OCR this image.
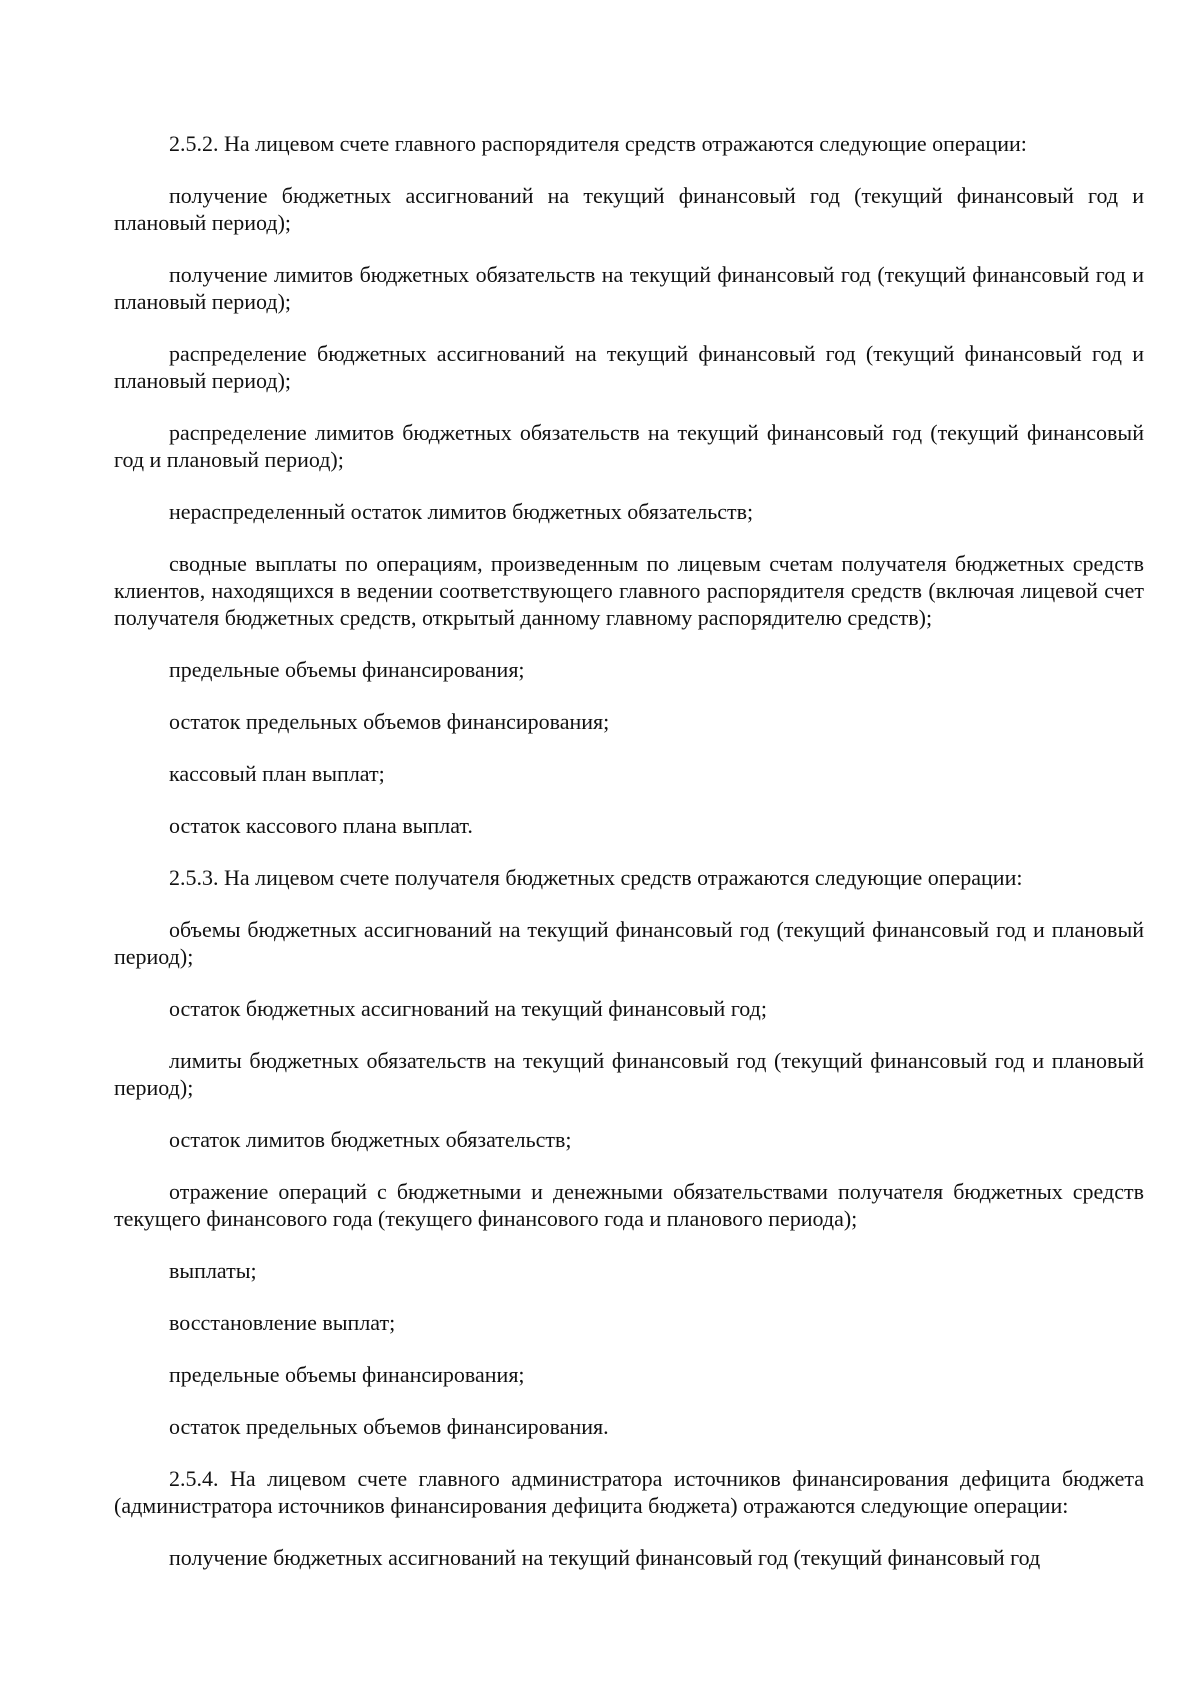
2.5.2. На лицевом счете главного распорядителя средств отражаются следующие операции:

получение бюджетных ассигнований на текущий финансовый год (текущий финансовый год и плановый период);

получение лимитов бюджетных обязательств на текущий финансовый год (текущий финансовый год и плановый период);

распределение бюджетных ассигнований на текущий финансовый год (текущий финансовый год и плановый период);

распределение лимитов бюджетных обязательств на текущий финансовый год (текущий финансовый год и плановый период);

нераспределенный остаток лимитов бюджетных обязательств;

сводные выплаты по операциям, произведенным по лицевым счетам получателя бюджетных средств клиентов, находящихся в ведении соответствующего главного распорядителя средств (включая лицевой счет получателя бюджетных средств, открытый данному главному распорядителю средств);

предельные объемы финансирования;

остаток предельных объемов финансирования;

кассовый план выплат;

остаток кассового плана выплат.

2.5.3. На лицевом счете получателя бюджетных средств отражаются следующие операции:

объемы бюджетных ассигнований на текущий финансовый год (текущий финансовый год и плановый период);

остаток бюджетных ассигнований на текущий финансовый год;

лимиты бюджетных обязательств на текущий финансовый год (текущий финансовый год и плановый период);

остаток лимитов бюджетных обязательств;

отражение операций с бюджетными и денежными обязательствами получателя бюджетных средств текущего финансового года (текущего финансового года и планового периода);

выплаты;

восстановление выплат;

предельные объемы финансирования;

остаток предельных объемов финансирования.

2.5.4. На лицевом счете главного администратора источников финансирования дефицита бюджета (администратора источников финансирования дефицита бюджета) отражаются следующие операции:

получение бюджетных ассигнований на текущий финансовый год (текущий финансовый год
